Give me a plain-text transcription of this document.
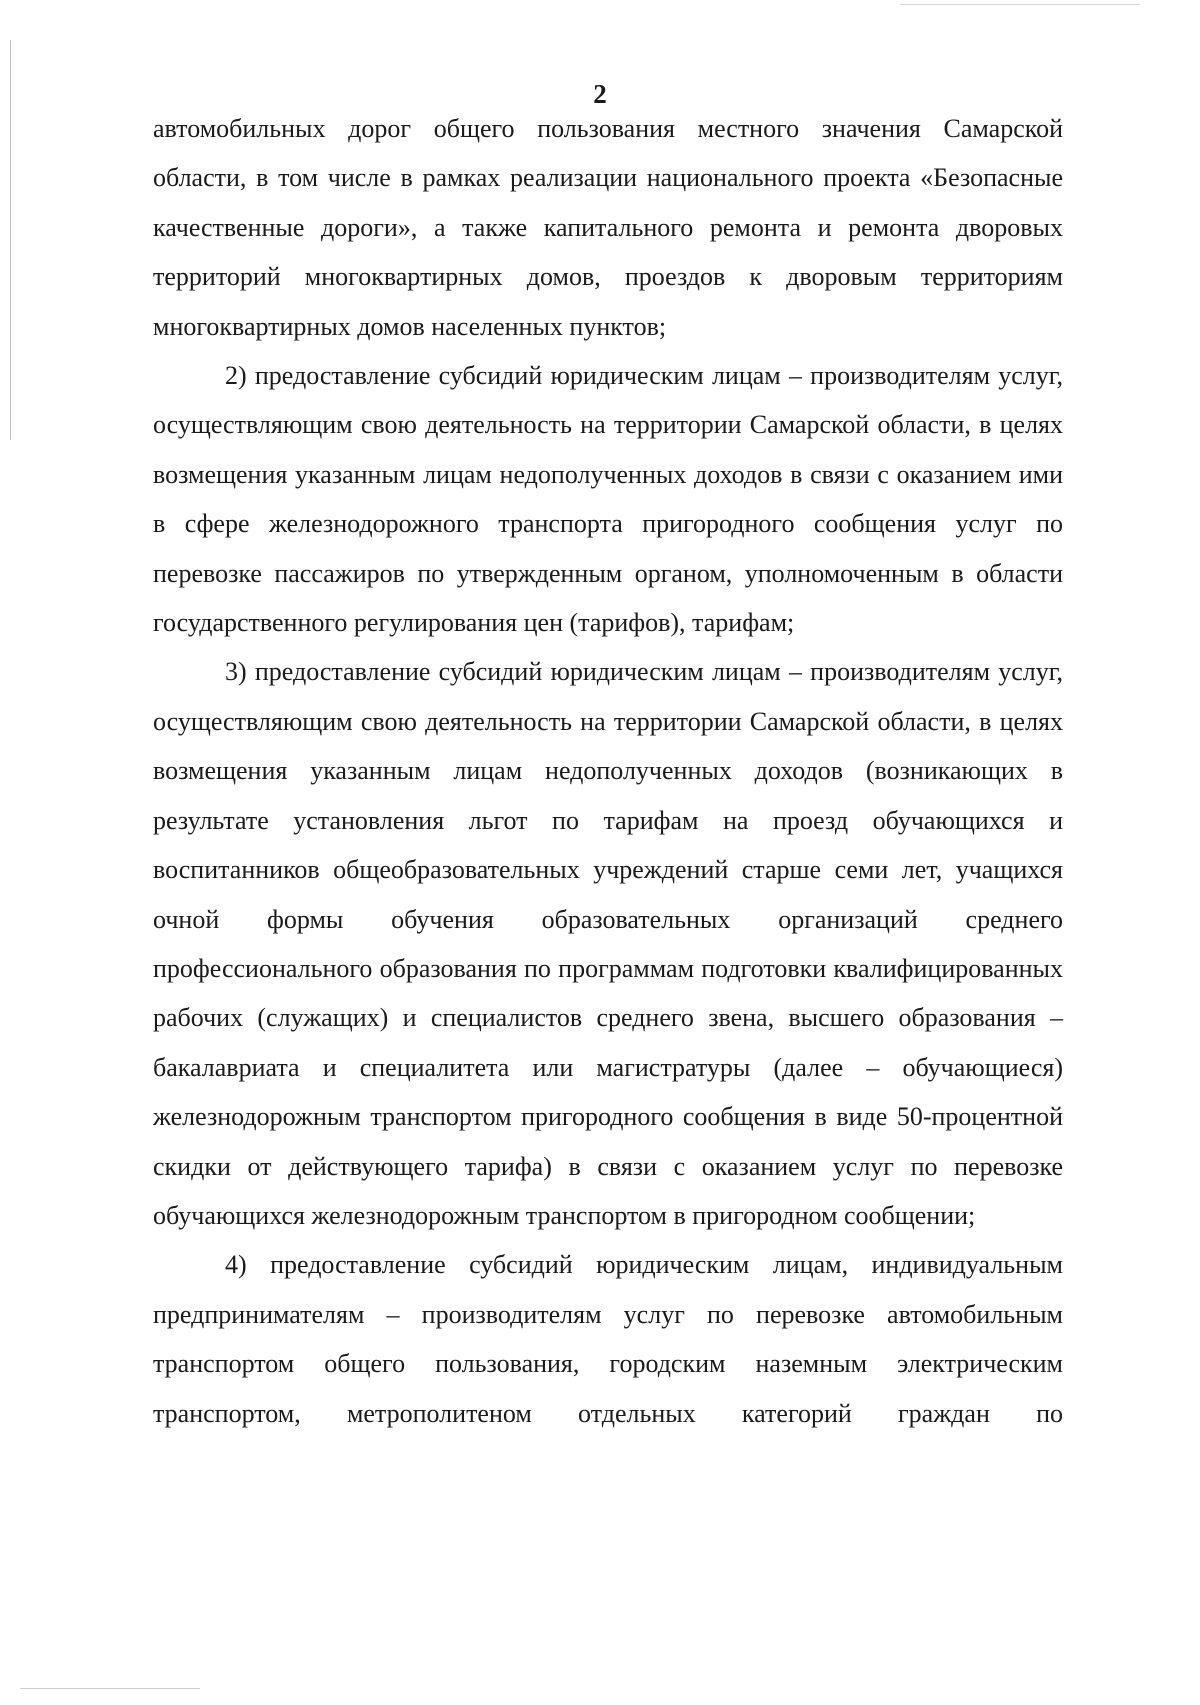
2

автомобильных дорог общего пользования местного значения Самарской области, в том числе в рамках реализации национального проекта «Безопасные качественные дороги», а также капитального ремонта и ремонта дворовых территорий многоквартирных домов, проездов к дворовым территориям многоквартирных домов населенных пунктов;

2) предоставление субсидий юридическим лицам – производителям услуг, осуществляющим свою деятельность на территории Самарской области, в целях возмещения указанным лицам недополученных доходов в связи с оказанием ими в сфере железнодорожного транспорта пригородного сообщения услуг по перевозке пассажиров по утвержденным органом, уполномоченным в области государственного регулирования цен (тарифов), тарифам;

3) предоставление субсидий юридическим лицам – производителям услуг, осуществляющим свою деятельность на территории Самарской области, в целях возмещения указанным лицам недополученных доходов (возникающих в результате установления льгот по тарифам на проезд обучающихся и воспитанников общеобразовательных учреждений старше семи лет, учащихся очной формы обучения образовательных организаций среднего профессионального образования по программам подготовки квалифицированных рабочих (служащих) и специалистов среднего звена, высшего образования – бакалавриата и специалитета или магистратуры (далее – обучающиеся) железнодорожным транспортом пригородного сообщения в виде 50-процентной скидки от действующего тарифа) в связи с оказанием услуг по перевозке обучающихся железнодорожным транспортом в пригородном сообщении;

4) предоставление субсидий юридическим лицам, индивидуальным предпринимателям – производителям услуг по перевозке автомобильным транспортом общего пользования, городским наземным электрическим транспортом, метрополитеном отдельных категорий граждан по
